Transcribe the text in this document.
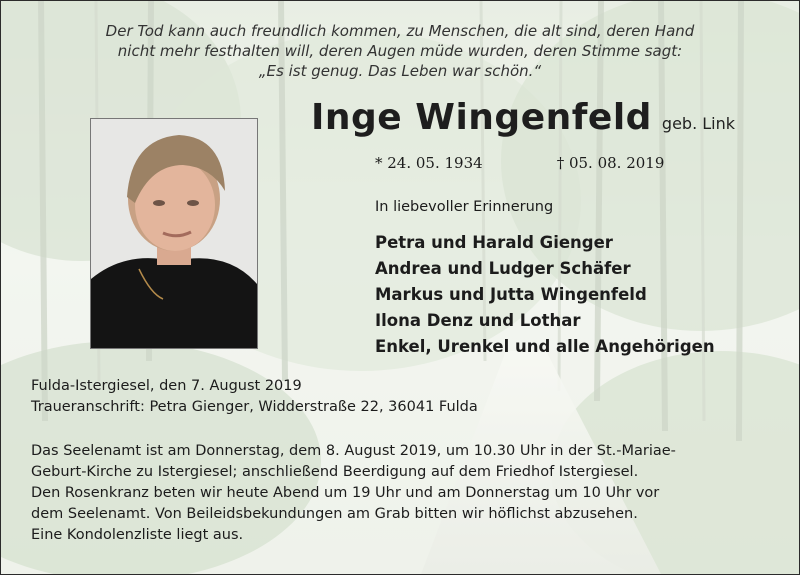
Der Tod kann auch freundlich kommen, zu Menschen, die alt sind, deren Hand
nicht mehr festhalten will, deren Augen müde wurden, deren Stimme sagt:
„Es ist genug. Das Leben war schön.“
Inge Wingenfeld geb. Link
* 24. 05. 1934	† 05. 08. 2019
In liebevoller Erinnerung
Petra und Harald Gienger
Andrea und Ludger Schäfer
Markus und Jutta Wingenfeld
Ilona Denz und Lothar
Enkel, Urenkel und alle Angehörigen
Fulda-Istergiesel, den 7. August 2019
Traueranschrift: Petra Gienger, Widderstraße 22, 36041 Fulda
Das Seelenamt ist am Donnerstag, dem 8. August 2019, um 10.30 Uhr in der St.-Mariae-
Geburt-Kirche zu Istergiesel; anschließend Beerdigung auf dem Friedhof Istergiesel.
Den Rosenkranz beten wir heute Abend um 19 Uhr und am Donnerstag um 10 Uhr vor
dem Seelenamt. Von Beileidsbekundungen am Grab bitten wir höflichst abzusehen.
Eine Kondolenzliste liegt aus.
